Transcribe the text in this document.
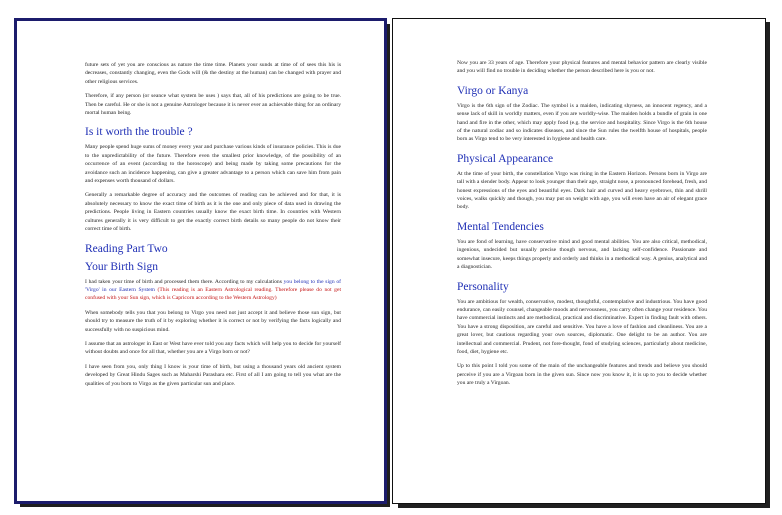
future sets of yet you are conscious as nature the time time. Planets your sunds at time of of sees this his is decreases, constantly changing, even the Gods will (& the destiny at the human) can be changed with prayer and other religious services.

Therefore, if any person (or seance what system be uses ) says that, all of his predictions are going to be true. Then be careful. He or she is not a genuine Astrologer because it is never ever an achievable thing for an ordinary mortal human being.

Is it worth the trouble ?

Many people spend huge sums of money every year and purchase various kinds of insurance policies. This is due to the unpredictability of the future. Therefore even the smallest prior knowledge, of the possibility of an occurrence of an event (according to the horoscope) and being made by taking some precautions for the avoidance such an incidence happening, can give a greater advantage to a person which can save him from pain and expenses worth thousand of dollars.

Generally a remarkable degree of accuracy and the outcomes of reading can be achieved and for that, it is absolutely necessary to know the exact time of birth as it is the one and only piece of data used in drawing the predictions. People living in Eastern countries usually know the exact birth time. In countries with Western cultures generally it is very difficult to get the exactly correct birth details so many people do not know their correct time of birth.

Reading Part Two
Your Birth Sign

I had taken your time of birth and processed them there. According to my calculations you belong to the sign of 'Virgo' in our Eastern System (This reading is an Eastern Astrological reading. Therefore please do not get confused with your Sun sign, which is Capricorn according to the Western Astrology)

When somebody tells you that you belong to Virgo you need not just accept it and believe those sun sign, but should try to measure the truth of it by exploring whether it is correct or not by verifying the facts logically and successfully with no suspicious mind.

I assume that an astrologer in East or West have ever told you any facts which will help you to decide for yourself without doubts and once for all that, whether you are a Virgo born or not?

I have seen from you, only thing I know is your time of birth, but using a thousand years old ancient system developed by Great Hindu Sages such as Maharshi Parashara etc. First of all I am going to tell you what are the qualities of you born to Virgo as the given particular sun and place.

Now you are 33 years of age. Therefore your physical features and mental behavior pattern are clearly visible and you will find no trouble in deciding whether the person described here is you or not.

Virgo or Kanya

Virgo is the 6th sign of the Zodiac. The symbol is a maiden, indicating shyness, an innocent regency, and a sense lack of skill in worldly matters, even if you are worldly-wise. The maiden holds a bundle of grain in one hand and fire in the other, which may apply food (e.g. the service and hospitality. Since Virgo is the 6th house of the natural zodiac and so indicates diseases, and since the Sun rules the twelfth house of hospitals, people born as Virgo tend to be very interested in hygiene and health care.

Physical Appearance

At the time of your birth, the constellation Virgo was rising in the Eastern Horizon. Persons born in Virgo are tall with a slender body. Appear to look younger than their age, straight nose, a pronounced forehead, fresh, and honest expressions of the eyes and beautiful eyes. Dark hair and curved and heavy eyebrows, thin and shrill voices, walks quickly and though, you may put on weight with age, you will even have an air of elegant grace body.

Mental Tendencies

You are fond of learning, have conservative mind and good mental abilities. You are also critical, methodical, ingenious, undecided but usually precise though nervous, and lacking self-confidence. Passionate and somewhat insecure, keeps things properly and orderly and thinks in a methodical way. A genius, analytical and a diagnostician.

Personality

You are ambitious for wealth, conservative, modest, thoughtful, contemplative and industrious. You have good endurance, can easily counsel, changeable moods and nervousness, you carry often change your residence. You have commercial instincts and are methodical, practical and discriminative. Expert in finding fault with others. You have a strong disposition, are careful and sensitive. You have a love of fashion and cleanliness. You are a great lover, but cautious regarding your own sources, diplomatic. One delight to be an author. You are intellectual and commercial. Prudent, not fore-thought, fond of studying sciences, particularly about medicine, food, diet, hygiene etc.

Up to this point I told you some of the main of the unchangeable features and trends and believe you should perceive if you are a Virgoan born in the given sun. Since now you know it, it is up to you to decide whether you are truly a Virgoan.
